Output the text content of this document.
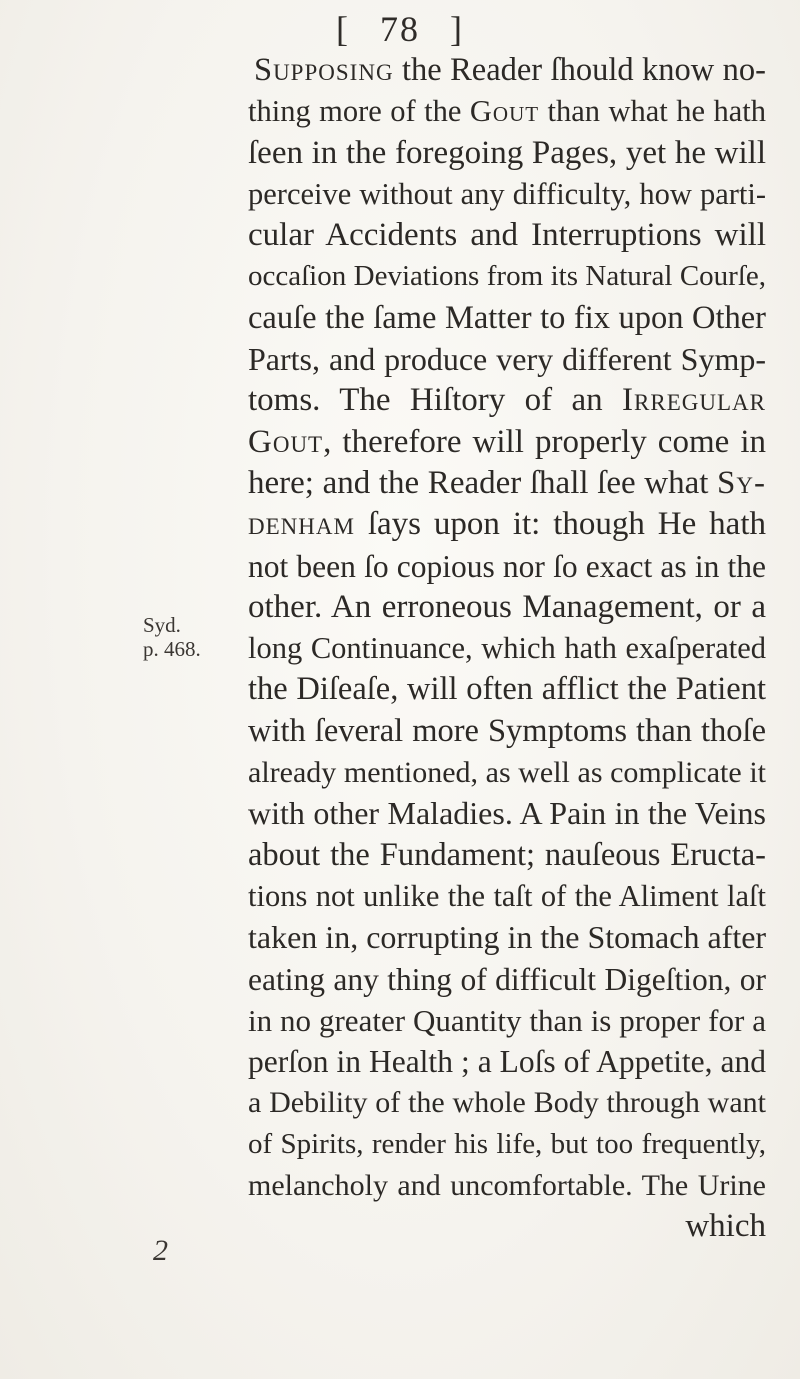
[ 78 ]
Syd.
p. 468.
Supposing the Reader ſhould know no-
thing more of the Gout than what he hath
ſeen in the foregoing Pages, yet he will
perceive without any difficulty, how parti-
cular Accidents and Interruptions will
occaſion Deviations from its Natural Courſe,
cauſe the ſame Matter to fix upon Other
Parts, and produce very different Symp-
toms. The Hiſtory of an Irregular
Gout, therefore will properly come in
here; and the Reader ſhall ſee what Sy-
denham ſays upon it: though He hath
not been ſo copious nor ſo exact as in the
other. An erroneous Management, or a
long Continuance, which hath exaſperated
the Diſeaſe, will often afflict the Patient
with ſeveral more Symptoms than thoſe
already mentioned, as well as complicate it
with other Maladies. A Pain in the Veins
about the Fundament; nauſeous Eructa-
tions not unlike the taſt of the Aliment laſt
taken in, corrupting in the Stomach after
eating any thing of difficult Digeſtion, or
in no greater Quantity than is proper for a
perſon in Health ; a Loſs of Appetite, and
a Debility of the whole Body through want
of Spirits, render his life, but too frequently,
melancholy and uncomfortable. The Urine
which
2
